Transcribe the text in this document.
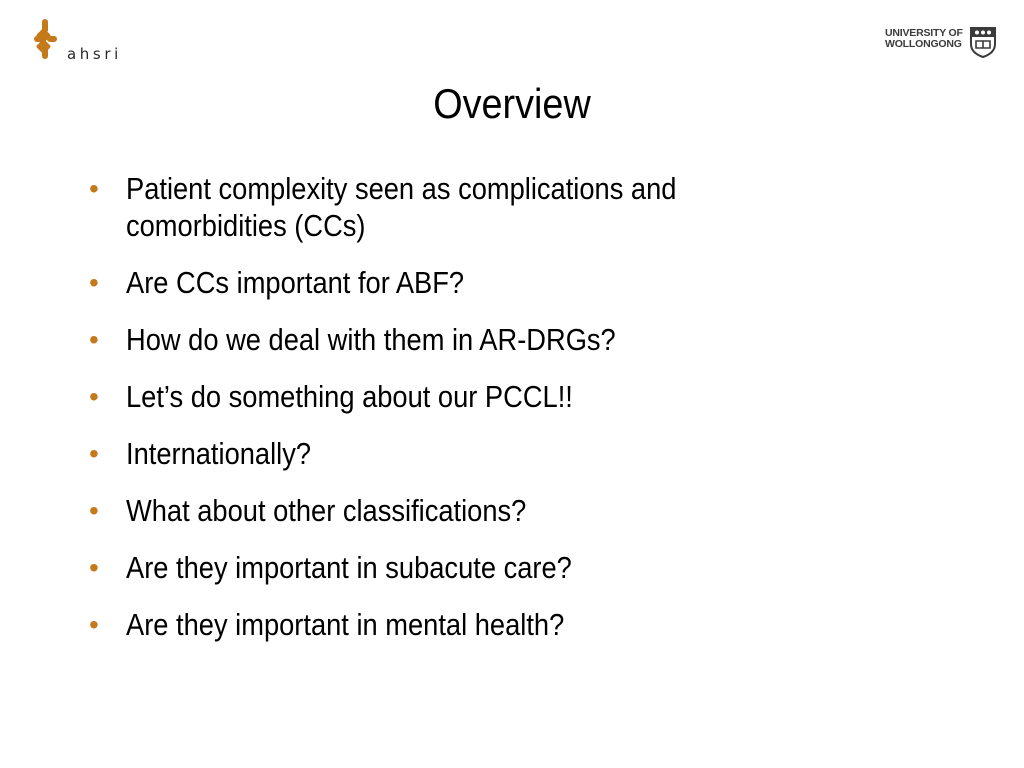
ahsri
UNIVERSITY OF
WOLLONGONG
Overview
• Patient complexity seen as complications and comorbidities (CCs)
• Are CCs important for ABF?
• How do we deal with them in AR-DRGs?
• Let’s do something about our PCCL!!
• Internationally?
• What about other classifications?
• Are they important in subacute care?
• Are they important in mental health?
